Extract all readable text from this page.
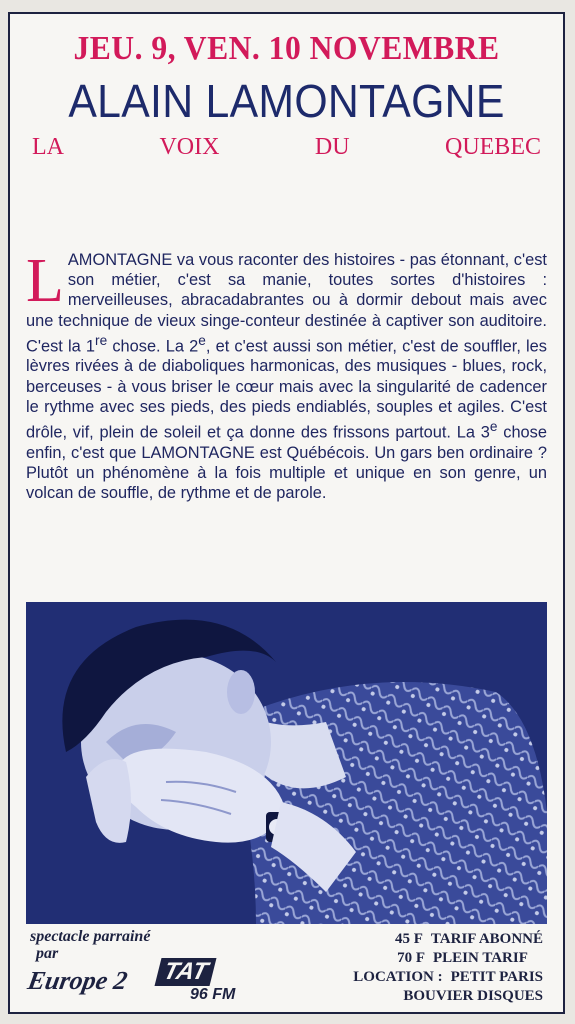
JEU. 9, VEN. 10 NOVEMBRE
ALAIN LAMONTAGNE
LA	VOIX	DU	QUEBEC
LAMONTAGNE va vous raconter des histoires - pas étonnant, c'est son métier, c'est sa manie, toutes sortes d'histoires : merveilleuses, abracadabrantes ou à dormir debout mais avec une technique de vieux singe-conteur destinée à captiver son auditoire. C'est la 1re chose. La 2e, et c'est aussi son métier, c'est de souffler, les lèvres rivées à de diaboliques harmonicas, des musiques - blues, rock, berceuses - à vous briser le cœur mais avec la singularité de cadencer le rythme avec ses pieds, des pieds endiablés, souples et agiles. C'est drôle, vif, plein de soleil et ça donne des frissons partout. La 3e chose enfin, c'est que LAMONTAGNE est Québécois. Un gars ben ordinaire ? Plutôt un phénomène à la fois multiple et unique en son genre, un volcan de souffle, de rythme et de parole.
spectacle parrainé
par
Europe 2 TAT
96 FM
45 F TARIF ABONNÉ
70 F PLEIN TARIF
LOCATION : PETIT PARIS
BOUVIER DISQUES
